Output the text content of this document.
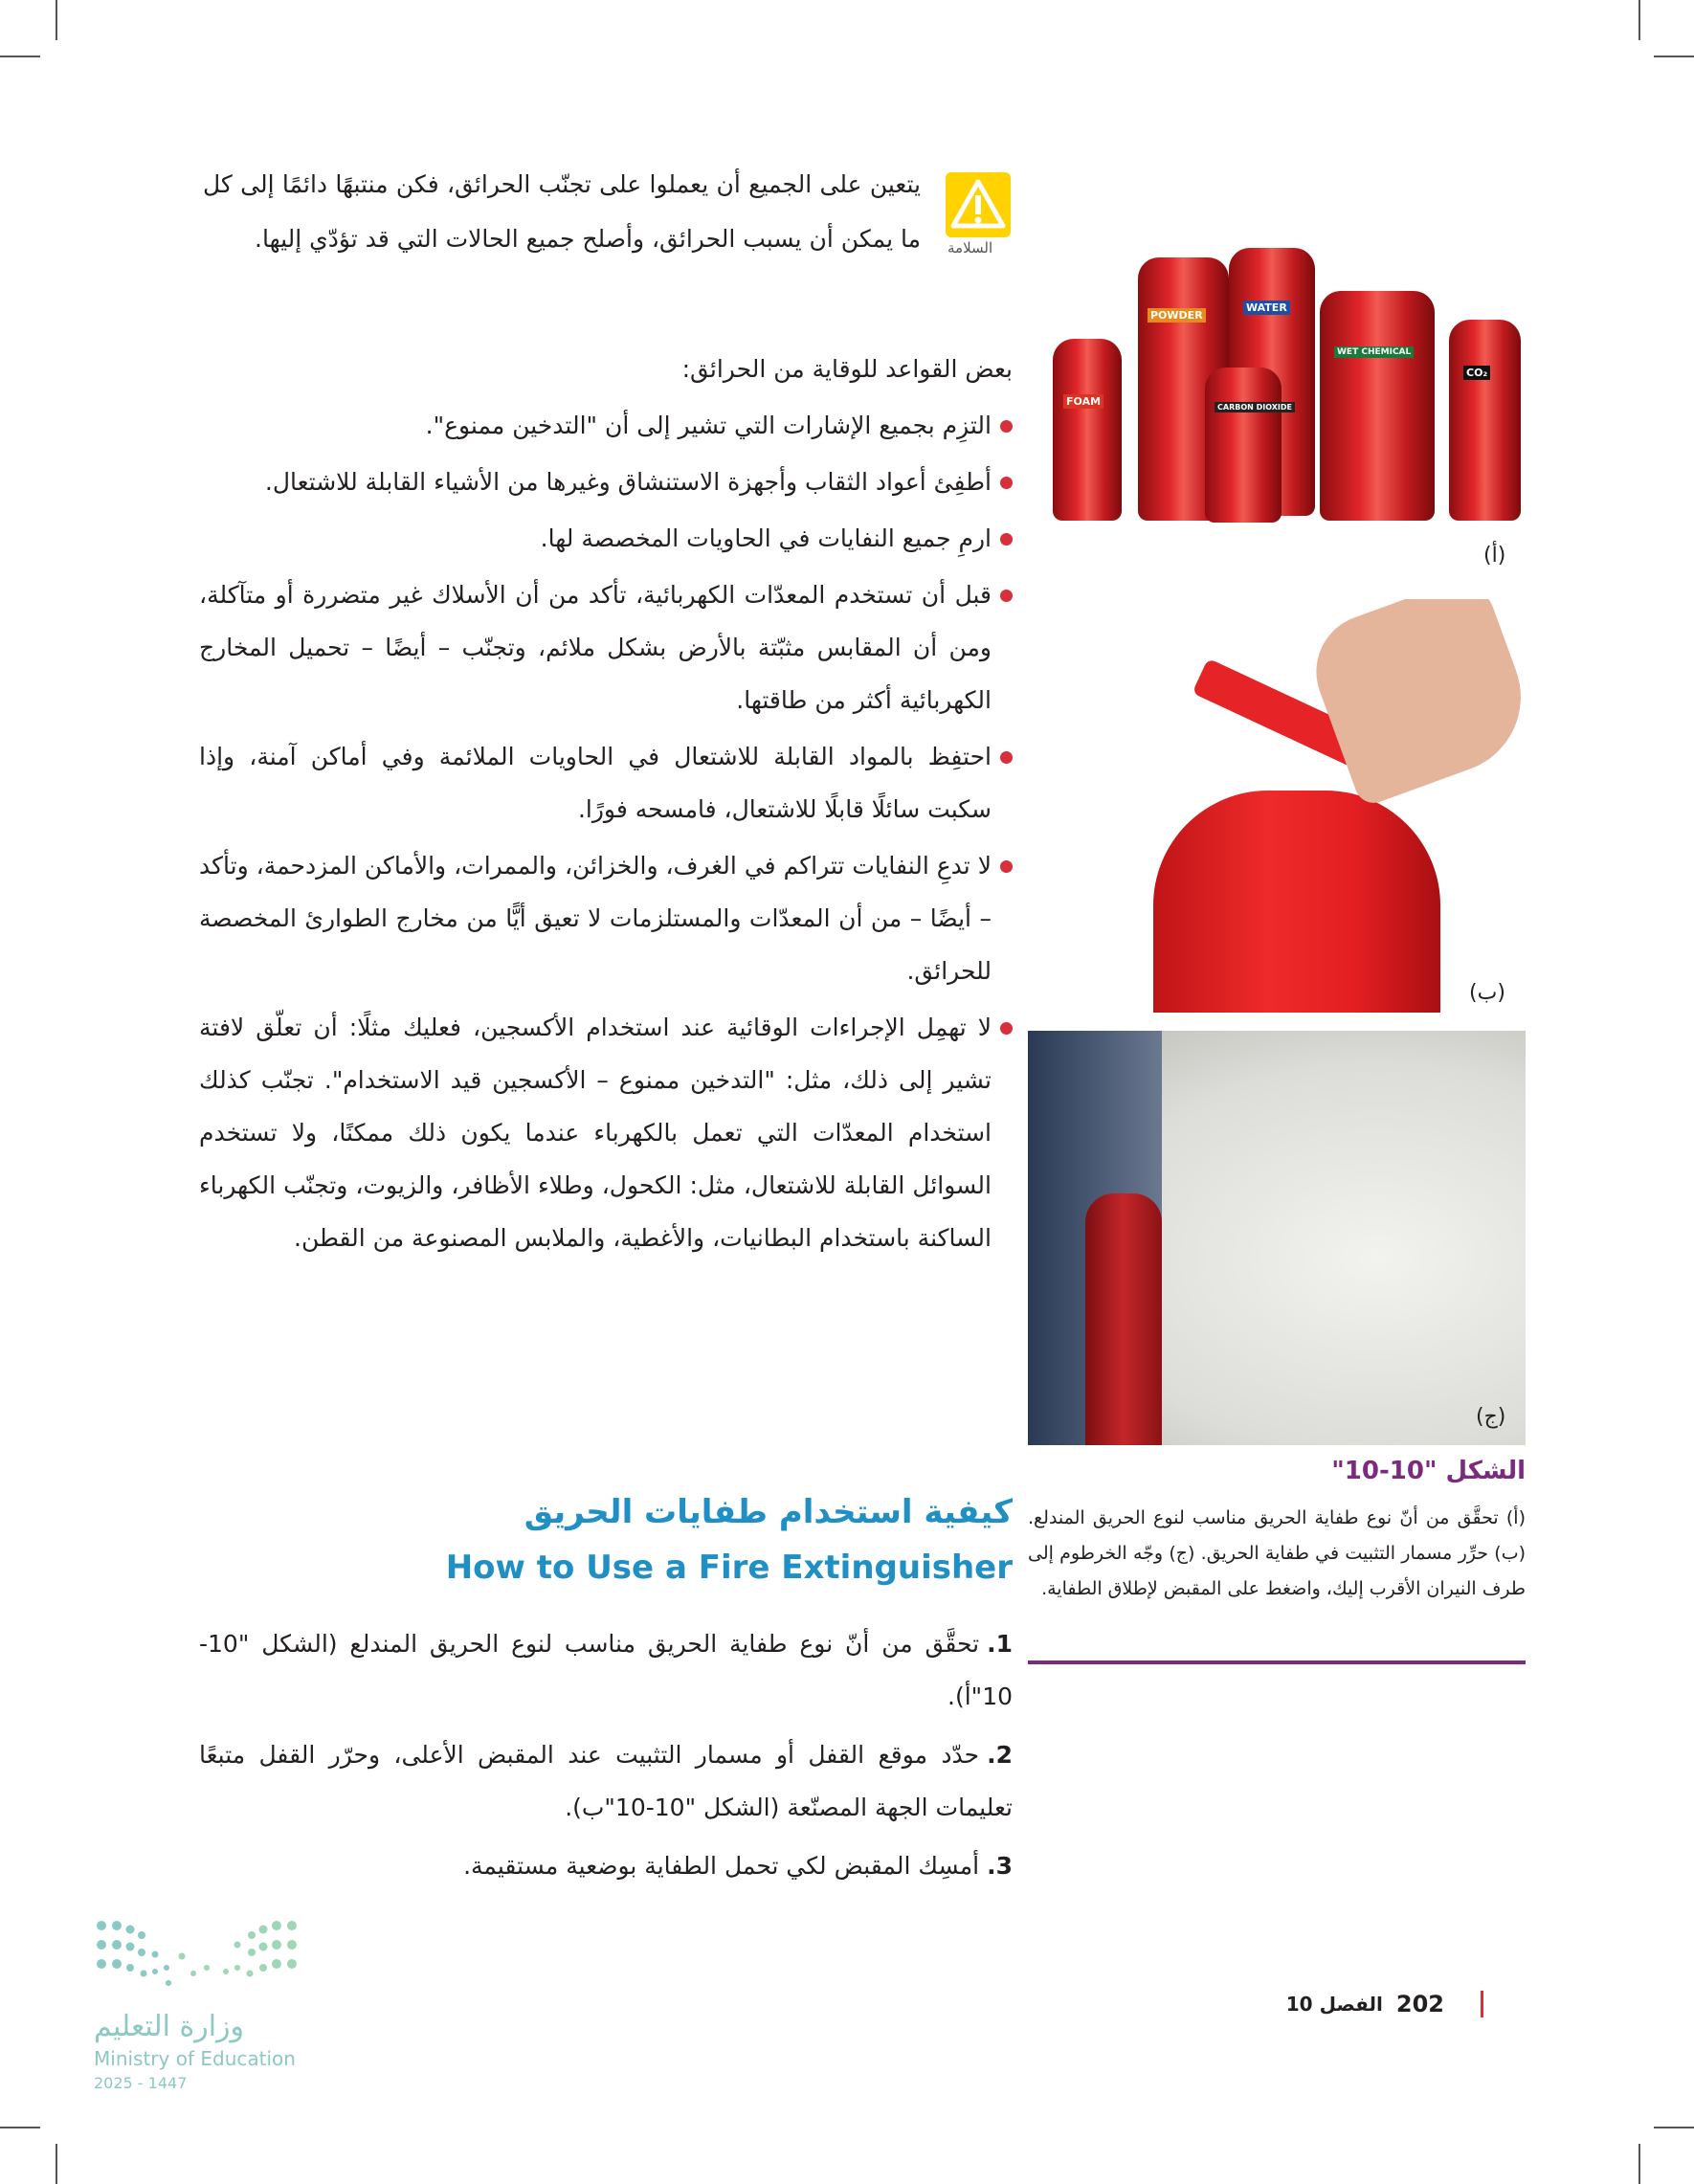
السلامة
يتعين على الجميع أن يعملوا على تجنّب الحرائق، فكن منتبهًا دائمًا إلى كل ما يمكن أن يسبب الحرائق، وأصلح جميع الحالات التي قد تؤدّي إليها.
بعض القواعد للوقاية من الحرائق:
التزِم بجميع الإشارات التي تشير إلى أن "التدخين ممنوع".
أطفِئ أعواد الثقاب وأجهزة الاستنشاق وغيرها من الأشياء القابلة للاشتعال.
ارمِ جميع النفايات في الحاويات المخصصة لها.
قبل أن تستخدم المعدّات الكهربائية، تأكد من أن الأسلاك غير متضررة أو متآكلة، ومن أن المقابس مثبّتة بالأرض بشكل ملائم، وتجنّب – أيضًا – تحميل المخارج الكهربائية أكثر من طاقتها.
احتفِظ بالمواد القابلة للاشتعال في الحاويات الملائمة وفي أماكن آمنة، وإذا سكبت سائلًا قابلًا للاشتعال، فامسحه فورًا.
لا تدعِ النفايات تتراكم في الغرف، والخزائن، والممرات، والأماكن المزدحمة، وتأكد – أيضًا – من أن المعدّات والمستلزمات لا تعيق أيًّا من مخارج الطوارئ المخصصة للحرائق.
لا تهمِل الإجراءات الوقائية عند استخدام الأكسجين، فعليك مثلًا: أن تعلّق لافتة تشير إلى ذلك، مثل: "التدخين ممنوع – الأكسجين قيد الاستخدام". تجنّب كذلك استخدام المعدّات التي تعمل بالكهرباء عندما يكون ذلك ممكنًا، ولا تستخدم السوائل القابلة للاشتعال، مثل: الكحول، وطلاء الأظافر، والزيوت، وتجنّب الكهرباء الساكنة باستخدام البطانيات، والأغطية، والملابس المصنوعة من القطن.
كيفية استخدام طفايات الحريق
How to Use a Fire Extinguisher
1.تحقَّق من أنّ نوع طفاية الحريق مناسب لنوع الحريق المندلع (الشكل "10-10"أ).
2.حدّد موقع القفل أو مسمار التثبيت عند المقبض الأعلى، وحرّر القفل متبعًا تعليمات الجهة المصنّعة (الشكل "10-10"ب).
3.أمسِك المقبض لكي تحمل الطفاية بوضعية مستقيمة.
FOAM
POWDER
WATER
CARBON DIOXIDE
WET CHEMICAL
CO₂
(أ)
(ب)
(ج)
الشكل "10-10"
(أ) تحقَّق من أنّ نوع طفاية الحريق مناسب لنوع الحريق المندلع. (ب) حرِّر مسمار التثبيت في طفاية الحريق. (ج) وجّه الخرطوم إلى طرف النيران الأقرب إليك، واضغط على المقبض لإطلاق الطفاية.
202
الفصل 10
وزارة التعليم
Ministry of Education
2025 - 1447
